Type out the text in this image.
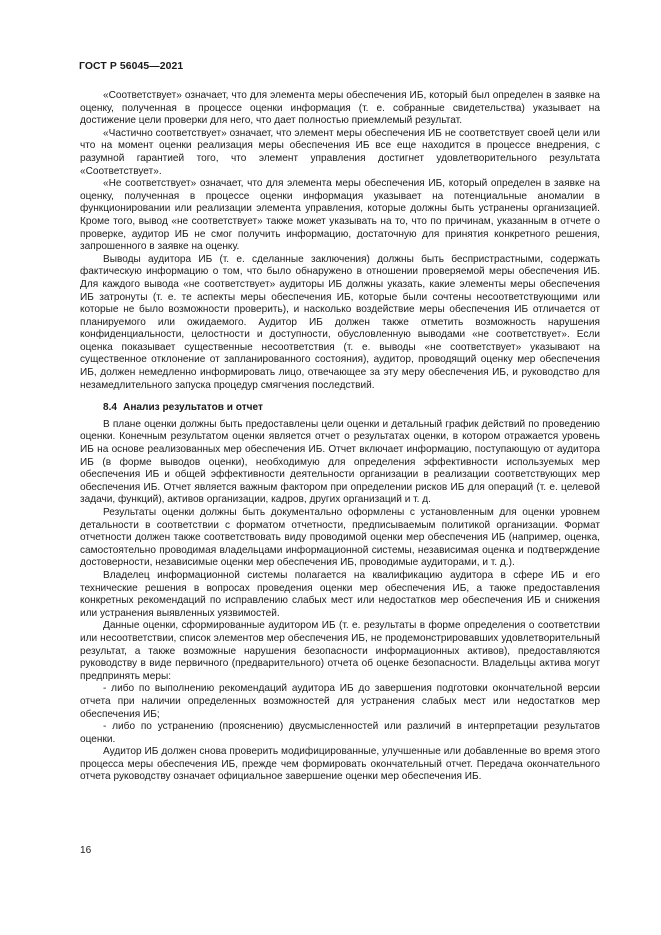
ГОСТ Р 56045—2021

«Соответствует» означает, что для элемента меры обеспечения ИБ, который был определен в заявке на оценку, полученная в процессе оценки информация (т. е. собранные свидетельства) указывает на достижение цели проверки для него, что дает полностью приемлемый результат.

«Частично соответствует» означает, что элемент меры обеспечения ИБ не соответствует своей цели или что на момент оценки реализация меры обеспечения ИБ все еще находится в процессе внедрения, с разумной гарантией того, что элемент управления достигнет удовлетворительного результата «Соответствует».

«Не соответствует» означает, что для элемента меры обеспечения ИБ, который определен в заявке на оценку, полученная в процессе оценки информация указывает на потенциальные аномалии в функционировании или реализации элемента управления, которые должны быть устранены организацией. Кроме того, вывод «не соответствует» также может указывать на то, что по причинам, указанным в отчете о проверке, аудитор ИБ не смог получить информацию, достаточную для принятия конкретного решения, запрошенного в заявке на оценку.

Выводы аудитора ИБ (т. е. сделанные заключения) должны быть беспристрастными, содержать фактическую информацию о том, что было обнаружено в отношении проверяемой меры обеспечения ИБ. Для каждого вывода «не соответствует» аудиторы ИБ должны указать, какие элементы меры обеспечения ИБ затронуты (т. е. те аспекты меры обеспечения ИБ, которые были сочтены несоответствующими или которые не было возможности проверить), и насколько воздействие меры обеспечения ИБ отличается от планируемого или ожидаемого. Аудитор ИБ должен также отметить возможность нарушения конфиденциальности, целостности и доступности, обусловленную выводами «не соответствует». Если оценка показывает существенные несоответствия (т. е. выводы «не соответствует» указывают на существенное отклонение от запланированного состояния), аудитор, проводящий оценку мер обеспечения ИБ, должен немедленно информировать лицо, отвечающее за эту меру обеспечения ИБ, и руководство для незамедлительного запуска процедур смягчения последствий.

8.4 Анализ результатов и отчет

В плане оценки должны быть предоставлены цели оценки и детальный график действий по проведению оценки. Конечным результатом оценки является отчет о результатах оценки, в котором отражается уровень ИБ на основе реализованных мер обеспечения ИБ. Отчет включает информацию, поступающую от аудитора ИБ (в форме выводов оценки), необходимую для определения эффективности используемых мер обеспечения ИБ и общей эффективности деятельности организации в реализации соответствующих мер обеспечения ИБ. Отчет является важным фактором при определении рисков ИБ для операций (т. е. целевой задачи, функций), активов организации, кадров, других организаций и т. д.

Результаты оценки должны быть документально оформлены с установленным для оценки уровнем детальности в соответствии с форматом отчетности, предписываемым политикой организации. Формат отчетности должен также соответствовать виду проводимой оценки мер обеспечения ИБ (например, оценка, самостоятельно проводимая владельцами информационной системы, независимая оценка и подтверждение достоверности, независимые оценки мер обеспечения ИБ, проводимые аудиторами, и т. д.).

Владелец информационной системы полагается на квалификацию аудитора в сфере ИБ и его технические решения в вопросах проведения оценки мер обеспечения ИБ, а также предоставления конкретных рекомендаций по исправлению слабых мест или недостатков мер обеспечения ИБ и снижения или устранения выявленных уязвимостей.

Данные оценки, сформированные аудитором ИБ (т. е. результаты в форме определения о соответствии или несоответствии, список элементов мер обеспечения ИБ, не продемонстрировавших удовлетворительный результат, а также возможные нарушения безопасности информационных активов), предоставляются руководству в виде первичного (предварительного) отчета об оценке безопасности. Владельцы актива могут предпринять меры:

- либо по выполнению рекомендаций аудитора ИБ до завершения подготовки окончательной версии отчета при наличии определенных возможностей для устранения слабых мест или недостатков мер обеспечения ИБ;

- либо по устранению (прояснению) двусмысленностей или различий в интерпретации результатов оценки.

Аудитор ИБ должен снова проверить модифицированные, улучшенные или добавленные во время этого процесса меры обеспечения ИБ, прежде чем формировать окончательный отчет. Передача окончательного отчета руководству означает официальное завершение оценки мер обеспечения ИБ.

16
